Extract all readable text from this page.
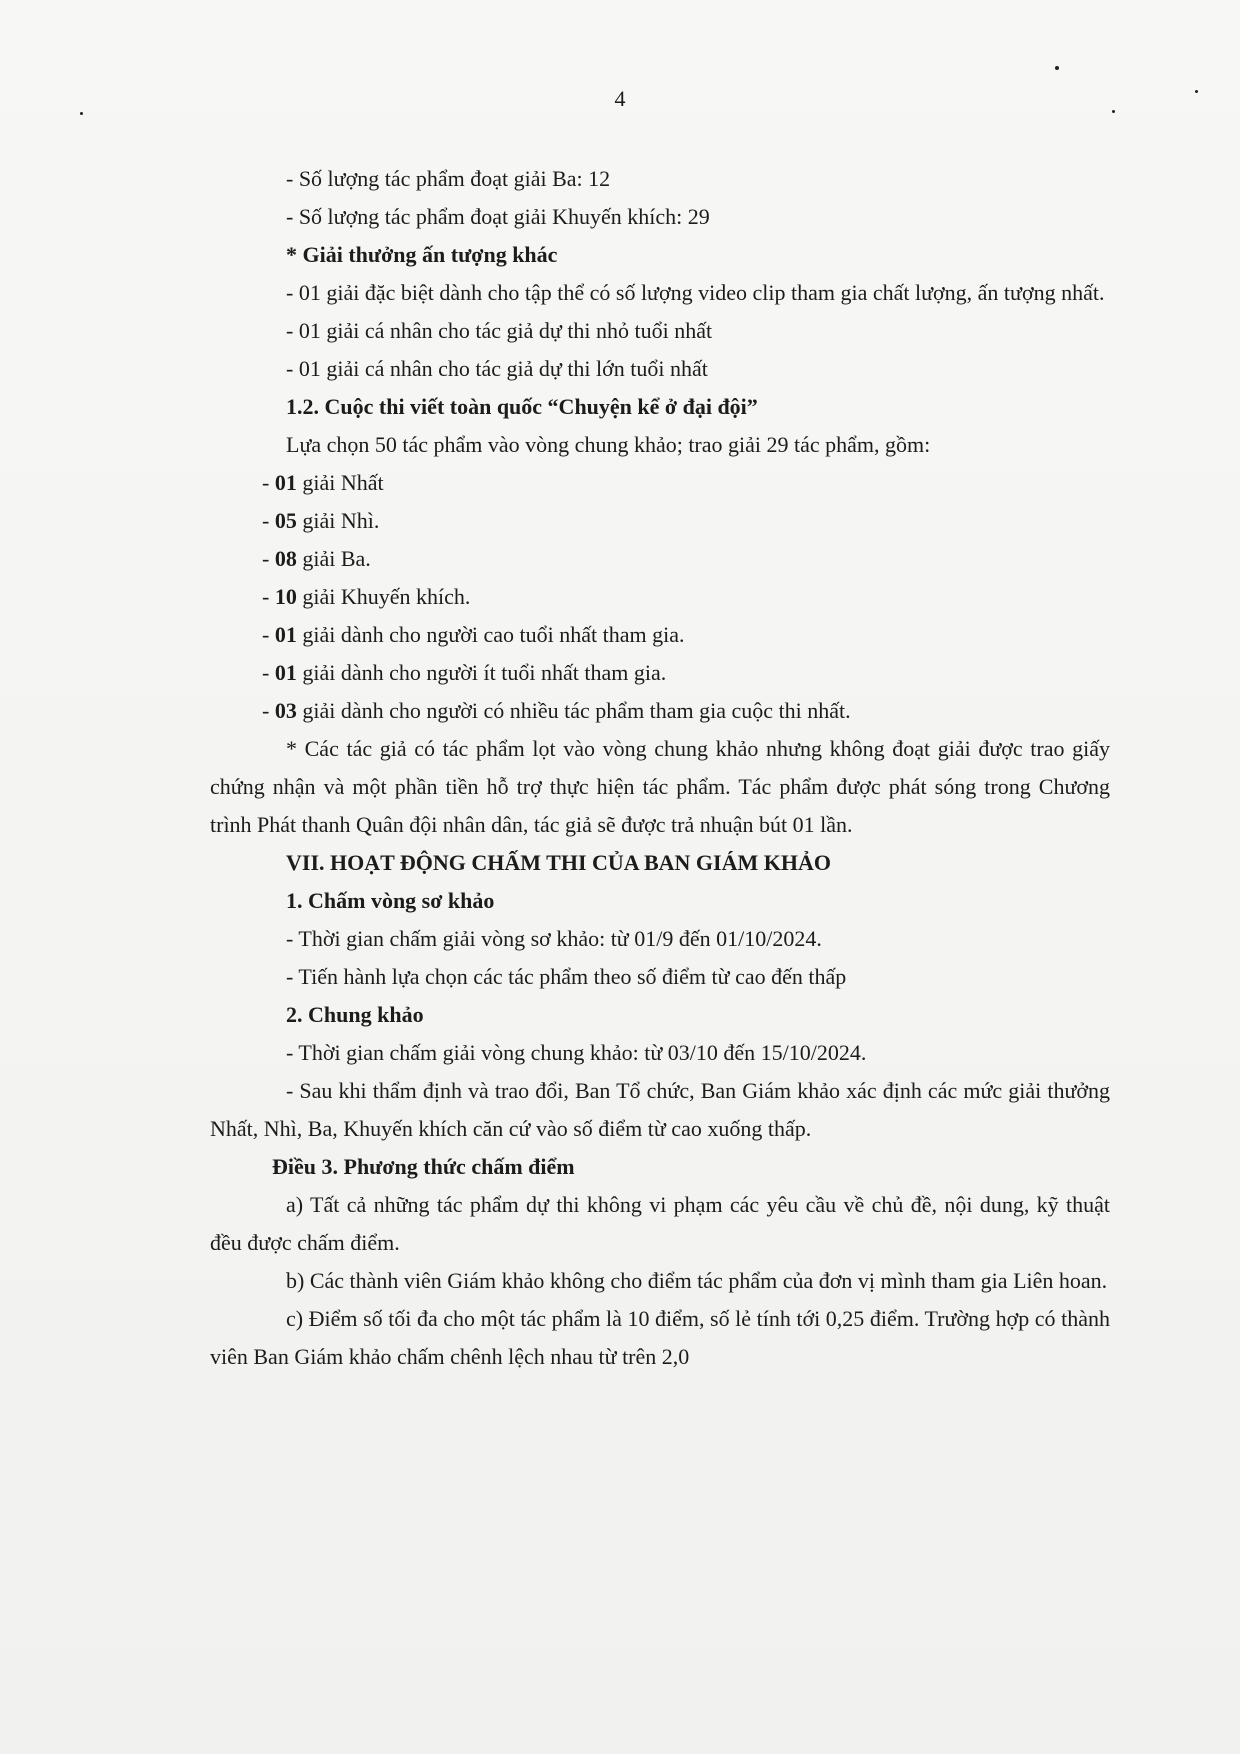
4

- Số lượng tác phẩm đoạt giải Ba: 12

- Số lượng tác phẩm đoạt giải Khuyến khích: 29

* Giải thưởng ấn tượng khác

- 01 giải đặc biệt dành cho tập thể có số lượng video clip tham gia chất lượng, ấn tượng nhất.

- 01 giải cá nhân cho tác giả dự thi nhỏ tuổi nhất

- 01 giải cá nhân cho tác giả dự thi lớn tuổi nhất

1.2. Cuộc thi viết toàn quốc “Chuyện kể ở đại đội”

Lựa chọn 50 tác phẩm vào vòng chung khảo; trao giải 29 tác phẩm, gồm:

- 01 giải Nhất

- 05 giải Nhì.

- 08 giải Ba.

- 10 giải Khuyến khích.

- 01 giải dành cho người cao tuổi nhất tham gia.

- 01 giải dành cho người ít tuổi nhất tham gia.

- 03 giải dành cho người có nhiều tác phẩm tham gia cuộc thi nhất.

* Các tác giả có tác phẩm lọt vào vòng chung khảo nhưng không đoạt giải được trao giấy chứng nhận và một phần tiền hỗ trợ thực hiện tác phẩm. Tác phẩm được phát sóng trong Chương trình Phát thanh Quân đội nhân dân, tác giả sẽ được trả nhuận bút 01 lần.

VII. HOẠT ĐỘNG CHẤM THI CỦA BAN GIÁM KHẢO

1. Chấm vòng sơ khảo

- Thời gian chấm giải vòng sơ khảo: từ 01/9 đến 01/10/2024.

- Tiến hành lựa chọn các tác phẩm theo số điểm từ cao đến thấp

2. Chung khảo

- Thời gian chấm giải vòng chung khảo: từ 03/10 đến 15/10/2024.

- Sau khi thẩm định và trao đổi, Ban Tổ chức, Ban Giám khảo xác định các mức giải thưởng Nhất, Nhì, Ba, Khuyến khích căn cứ vào số điểm từ cao xuống thấp.

Điều 3. Phương thức chấm điểm

a) Tất cả những tác phẩm dự thi không vi phạm các yêu cầu về chủ đề, nội dung, kỹ thuật đều được chấm điểm.

b) Các thành viên Giám khảo không cho điểm tác phẩm của đơn vị mình tham gia Liên hoan.

c) Điểm số tối đa cho một tác phẩm là 10 điểm, số lẻ tính tới 0,25 điểm. Trường hợp có thành viên Ban Giám khảo chấm chênh lệch nhau từ trên 2,0
